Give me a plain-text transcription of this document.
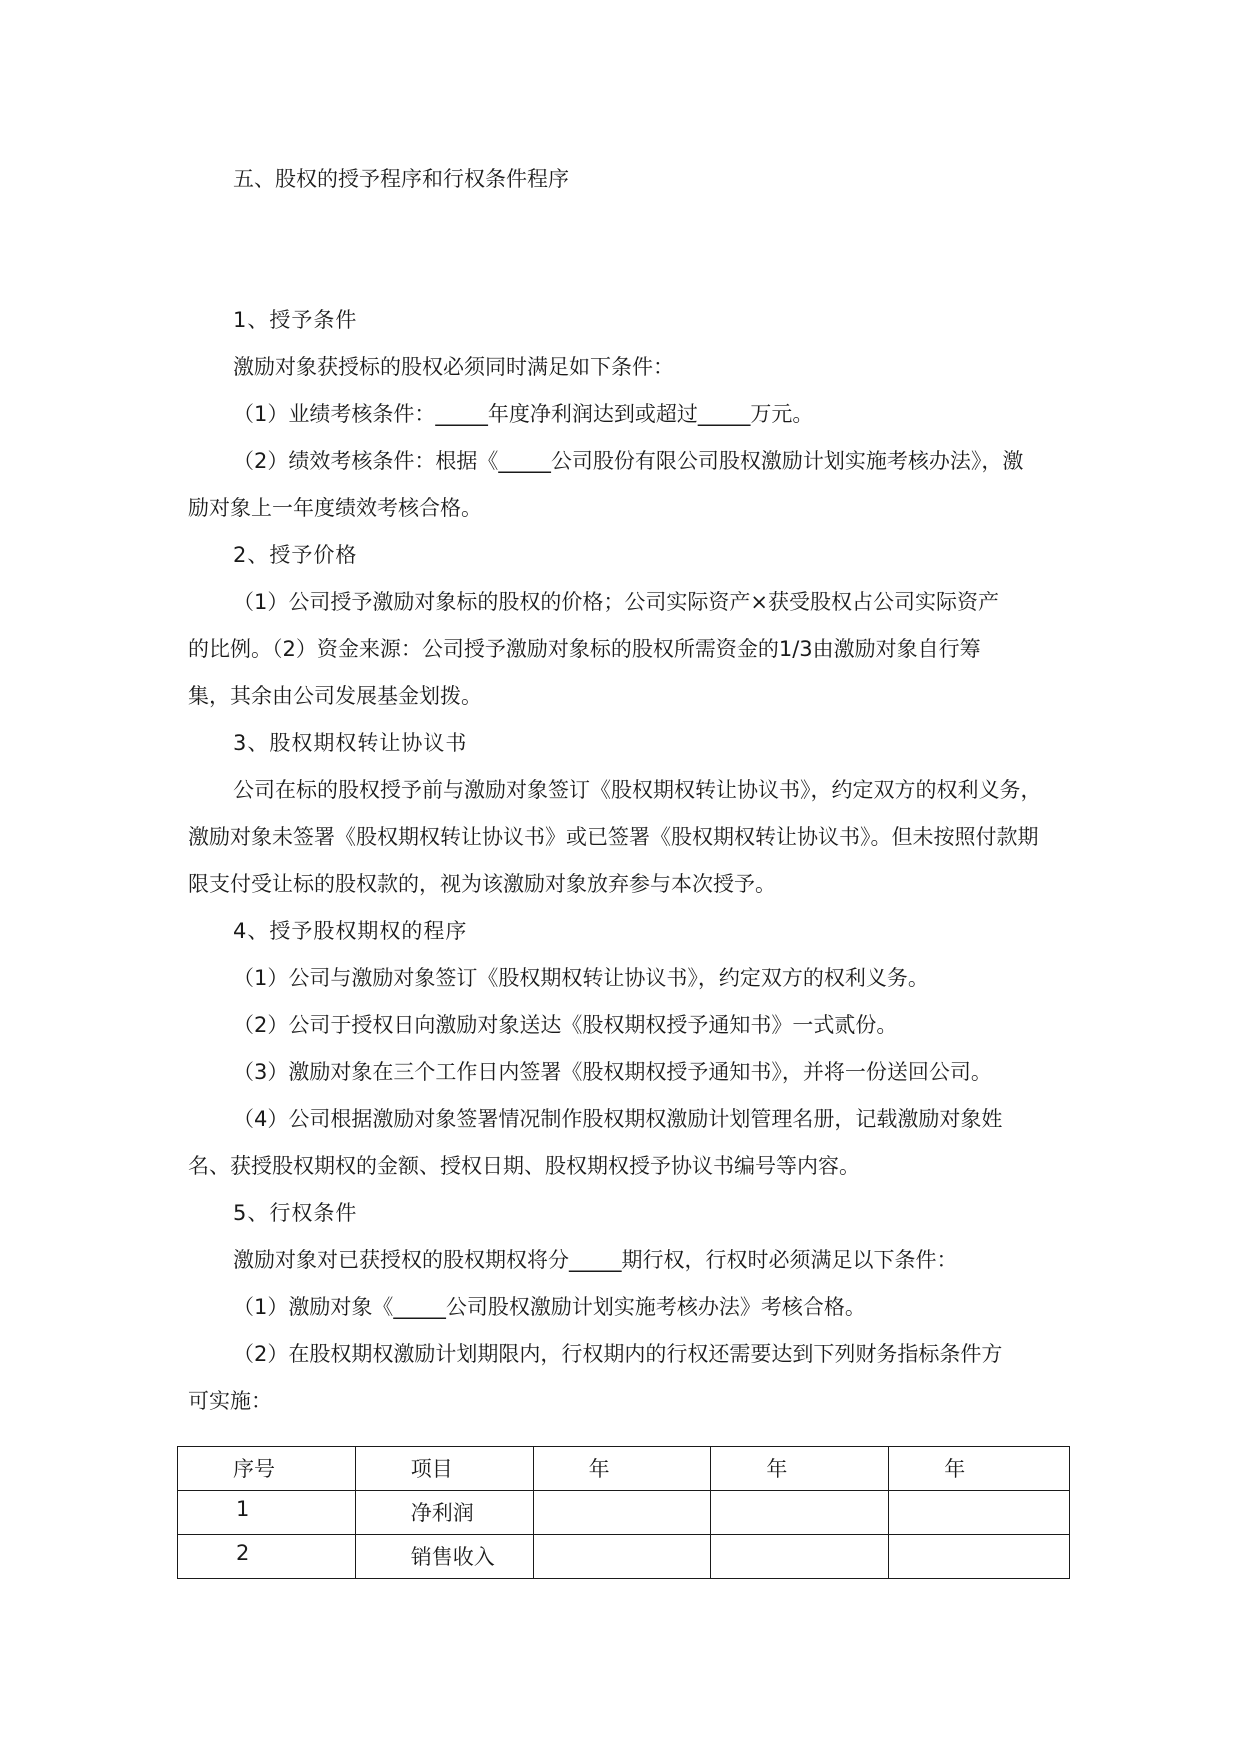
五、股权的授予程序和行权条件程序
1、授予条件
激励对象获授标的股权必须同时满足如下条件：
（1）业绩考核条件：_____年度净利润达到或超过_____万元。
（2）绩效考核条件：根据《_____公司股份有限公司股权激励计划实施考核办法》，激
励对象上一年度绩效考核合格。
2、授予价格
（1）公司授予激励对象标的股权的价格；公司实际资产×获受股权占公司实际资产
的比例。（2）资金来源：公司授予激励对象标的股权所需资金的1/3由激励对象自行筹
集，其余由公司发展基金划拨。
3、股权期权转让协议书
公司在标的股权授予前与激励对象签订《股权期权转让协议书》，约定双方的权利义务，
激励对象未签署《股权期权转让协议书》或已签署《股权期权转让协议书》。但未按照付款期
限支付受让标的股权款的，视为该激励对象放弃参与本次授予。
4、授予股权期权的程序
（1）公司与激励对象签订《股权期权转让协议书》，约定双方的权利义务。
（2）公司于授权日向激励对象送达《股权期权授予通知书》一式贰份。
（3）激励对象在三个工作日内签署《股权期权授予通知书》，并将一份送回公司。
（4）公司根据激励对象签署情况制作股权期权激励计划管理名册，记载激励对象姓
名、获授股权期权的金额、授权日期、股权期权授予协议书编号等内容。
5、行权条件
激励对象对已获授权的股权期权将分_____期行权，行权时必须满足以下条件：
（1）激励对象《_____公司股权激励计划实施考核办法》考核合格。
（2）在股权期权激励计划期限内，行权期内的行权还需要达到下列财务指标条件方
可实施：
序号	项目	年	年	年
1	净利润			
2	销售收入			
